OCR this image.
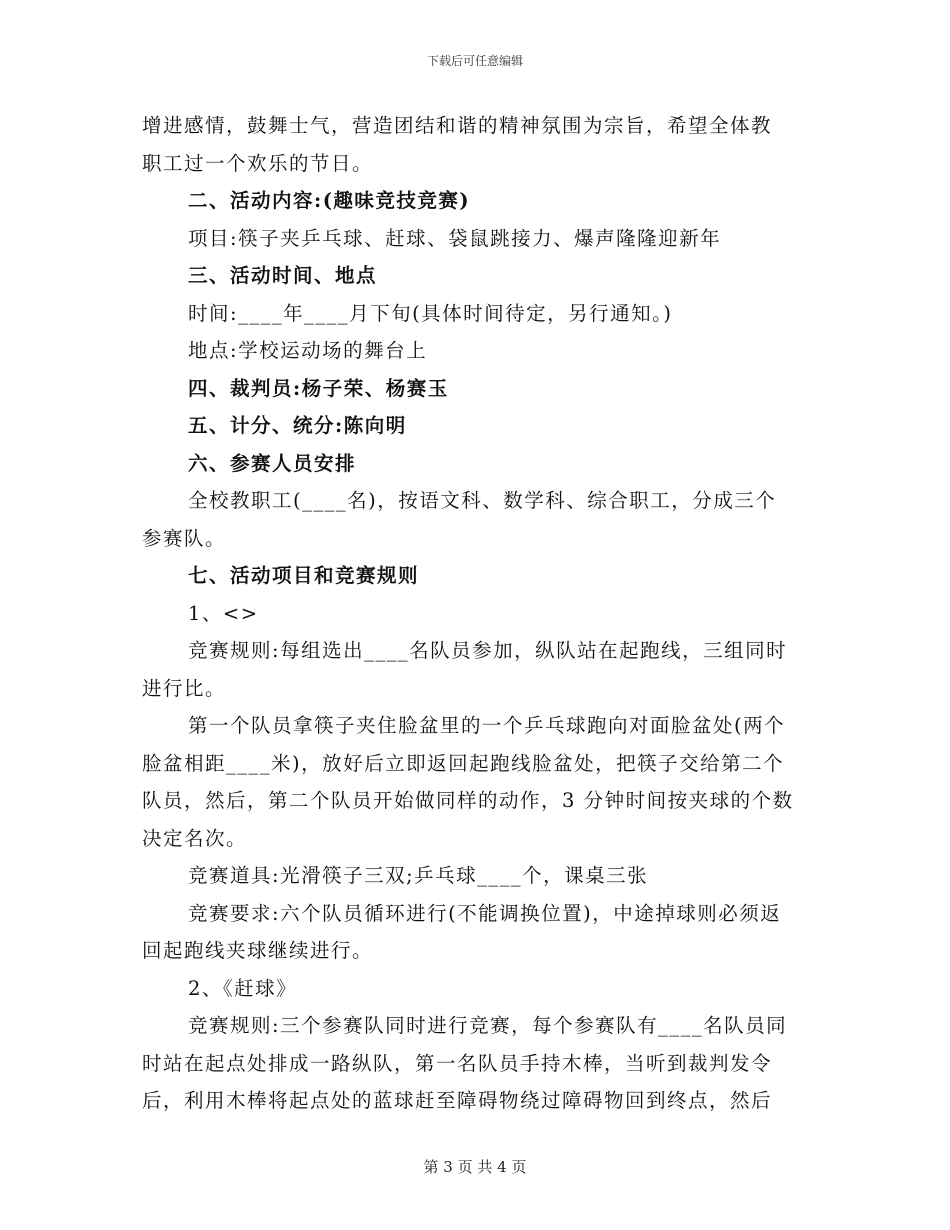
下载后可任意编辑

增进感情，鼓舞士气，营造团结和谐的精神氛围为宗旨，希望全体教

职工过一个欢乐的节日。

二、活动内容:(趣味竞技竞赛)

项目:筷子夹乒乓球、赶球、袋鼠跳接力、爆声隆隆迎新年

三、活动时间、地点

时间:____年____月下旬(具体时间待定，另行通知。)

地点:学校运动场的舞台上

四、裁判员:杨子荣、杨赛玉

五、计分、统分:陈向明

六、参赛人员安排

全校教职工(____名)，按语文科、数学科、综合职工，分成三个

参赛队。

七、活动项目和竞赛规则

1、<>

竞赛规则:每组选出____名队员参加，纵队站在起跑线，三组同时

进行比。

第一个队员拿筷子夹住脸盆里的一个乒乓球跑向对面脸盆处(两个

脸盆相距____米)，放好后立即返回起跑线脸盆处，把筷子交给第二个

队员，然后，第二个队员开始做同样的动作，3 分钟时间按夹球的个数

决定名次。

竞赛道具:光滑筷子三双;乒乓球____个，课桌三张

竞赛要求:六个队员循环进行(不能调换位置)，中途掉球则必须返

回起跑线夹球继续进行。

2、《赶球》

竞赛规则:三个参赛队同时进行竞赛，每个参赛队有____名队员同

时站在起点处排成一路纵队，第一名队员手持木棒，当听到裁判发令

后，利用木棒将起点处的蓝球赶至障碍物绕过障碍物回到终点，然后

第 3 页 共 4 页
